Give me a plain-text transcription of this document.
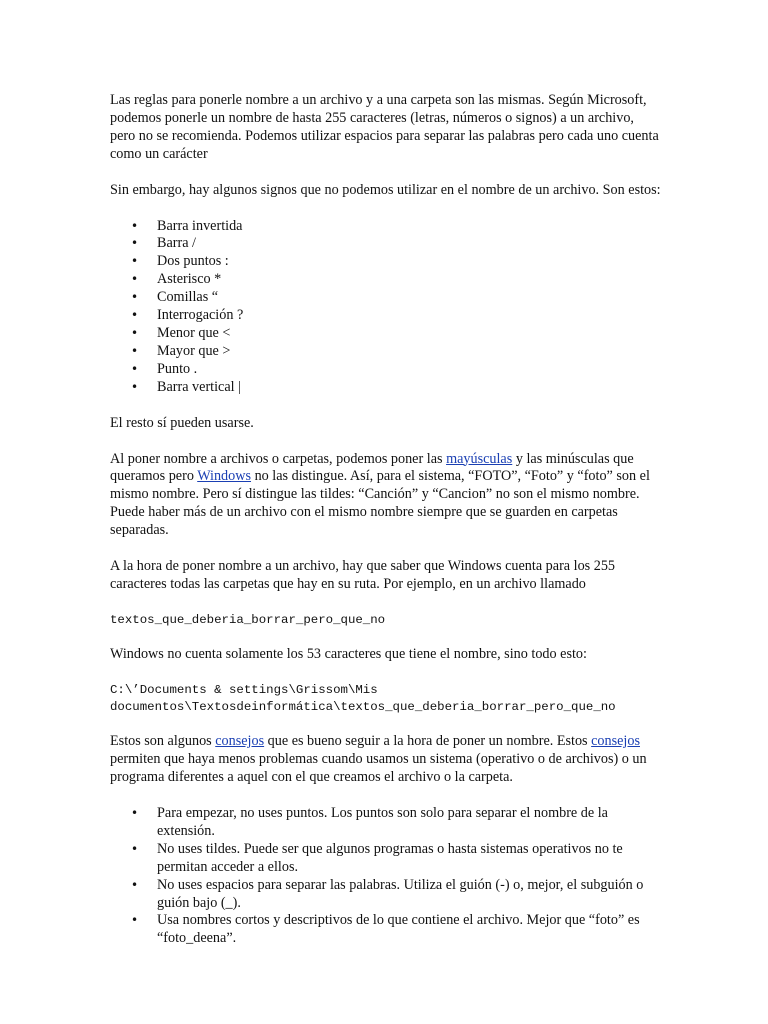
Las reglas para ponerle nombre a un archivo y a una carpeta son las mismas. Según Microsoft, podemos ponerle un nombre de hasta 255 caracteres (letras, números o signos) a un archivo, pero no se recomienda. Podemos utilizar espacios para separar las palabras pero cada uno cuenta como un carácter

Sin embargo, hay algunos signos que no podemos utilizar en el nombre de un archivo. Son estos:

• Barra invertida
• Barra /
• Dos puntos :
• Asterisco *
• Comillas “
• Interrogación ?
• Menor que <
• Mayor que >
• Punto .
• Barra vertical |

El resto sí pueden usarse.

Al poner nombre a archivos o carpetas, podemos poner las mayúsculas y las minúsculas que queramos pero Windows no las distingue. Así, para el sistema, “FOTO”, “Foto” y “foto” son el mismo nombre. Pero sí distingue las tildes: “Canción” y “Cancion” no son el mismo nombre. Puede haber más de un archivo con el mismo nombre siempre que se guarden en carpetas separadas.

A la hora de poner nombre a un archivo, hay que saber que Windows cuenta para los 255 caracteres todas las carpetas que hay en su ruta. Por ejemplo, en un archivo llamado

textos_que_deberia_borrar_pero_que_no

Windows no cuenta solamente los 53 caracteres que tiene el nombre, sino todo esto:

C:\’Documents & settings\Grissom\Mis documentos\Textosdeinformática\textos_que_deberia_borrar_pero_que_no

Estos son algunos consejos que es bueno seguir a la hora de poner un nombre. Estos consejos permiten que haya menos problemas cuando usamos un sistema (operativo o de archivos) o un programa diferentes a aquel con el que creamos el archivo o la carpeta.

• Para empezar, no uses puntos. Los puntos son solo para separar el nombre de la extensión.
• No uses tildes. Puede ser que algunos programas o hasta sistemas operativos no te permitan acceder a ellos.
• No uses espacios para separar las palabras. Utiliza el guión (-) o, mejor, el subguión o guión bajo (_).
• Usa nombres cortos y descriptivos de lo que contiene el archivo. Mejor que “foto” es “foto_deena”.
